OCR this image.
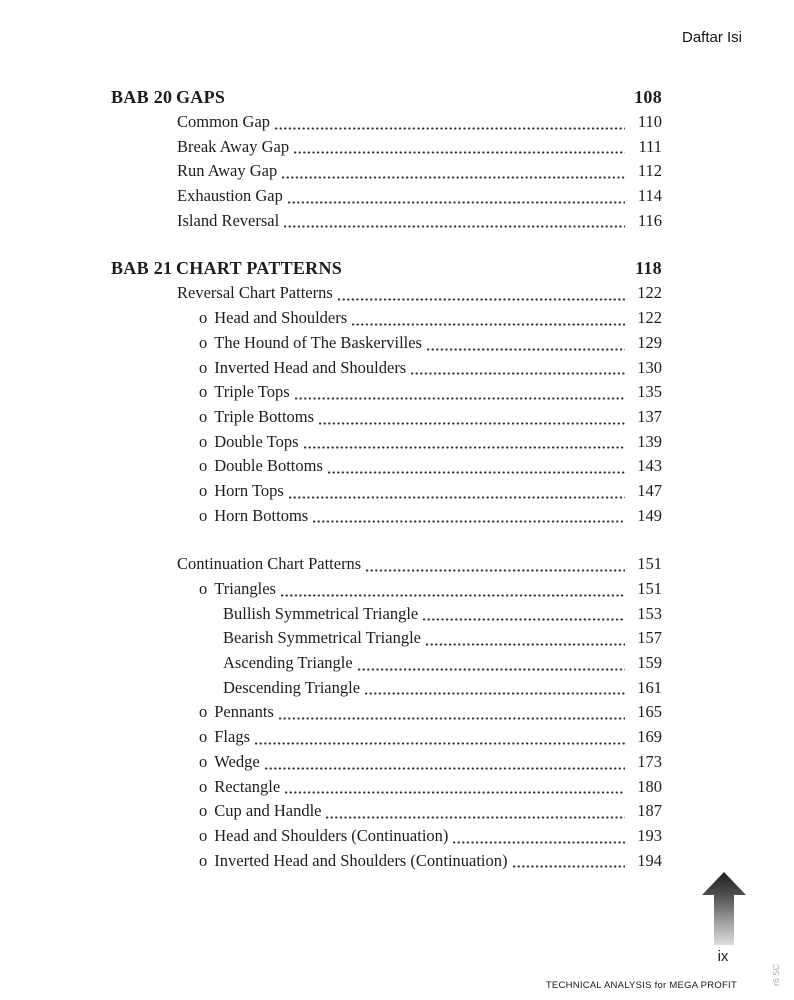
Daftar Isi
BAB 20 GAPS	108
Common Gap	110
Break Away Gap	111
Run Away Gap	112
Exhaustion Gap	114
Island Reversal	116
BAB 21 CHART PATTERNS	118
Reversal Chart Patterns	122
o Head and Shoulders	122
o The Hound of The Baskervilles	129
o Inverted Head and Shoulders	130
o Triple Tops	135
o Triple Bottoms	137
o Double Tops	139
o Double Bottoms	143
o Horn Tops	147
o Horn Bottoms	149
Continuation Chart Patterns	151
o Triangles	151
Bullish Symmetrical Triangle	153
Bearish Symmetrical Triangle	157
Ascending Triangle	159
Descending Triangle	161
o Pennants	165
o Flags	169
o Wedge	173
o Rectangle	180
o Cup and Handle	187
o Head and Shoulders (Continuation)	193
o Inverted Head and Shoulders (Continuation)	194
ix
TECHNICAL ANALYSIS for MEGA PROFIT	r6 SC
